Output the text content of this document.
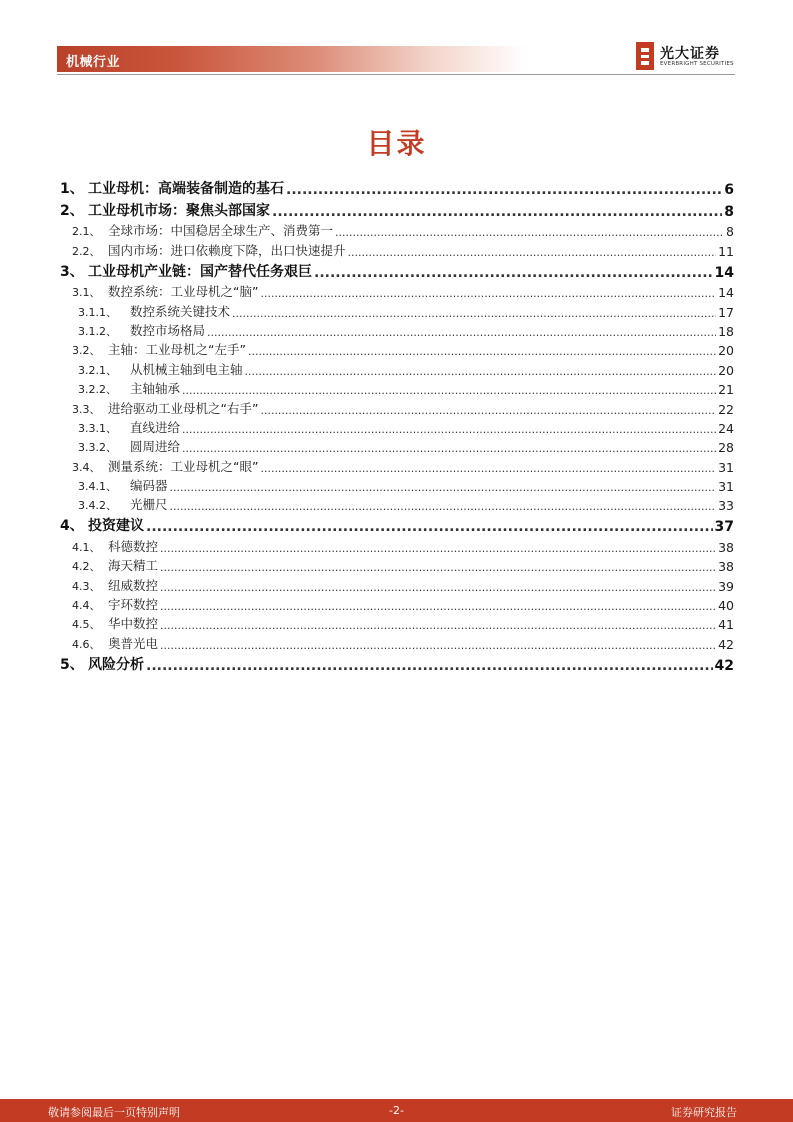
机械行业
光大证券
EVERBRIGHT SECURITIES
目录
1、 工业母机：高端装备制造的基石 .....	6
2、 工业母机市场：聚焦头部国家 .....	8
2.1、 全球市场：中国稳居全球生产、消费第一 .....	8
2.2、 国内市场：进口依赖度下降，出口快速提升 .....	11
3、 工业母机产业链：国产替代任务艰巨 .....	14
3.1、 数控系统：工业母机之“脑” .....	14
3.1.1、	数控系统关键技术 .....	17
3.1.2、	数控市场格局 .....	18
3.2、 主轴：工业母机之“左手” .....	20
3.2.1、	从机械主轴到电主轴 .....	20
3.2.2、	主轴轴承 .....	21
3.3、 进给驱动工业母机之“右手” .....	22
3.3.1、	直线进给 .....	24
3.3.2、	圆周进给 .....	28
3.4、 测量系统：工业母机之“眼” .....	31
3.4.1、	编码器 .....	31
3.4.2、	光栅尺 .....	33
4、 投资建议 .....	37
4.1、 科德数控 .....	38
4.2、 海天精工 .....	38
4.3、 纽威数控 .....	39
4.4、 宇环数控 .....	40
4.5、 华中数控 .....	41
4.6、 奥普光电 .....	42
5、 风险分析 .....	42
敬请参阅最后一页特别声明	-2-	证券研究报告
